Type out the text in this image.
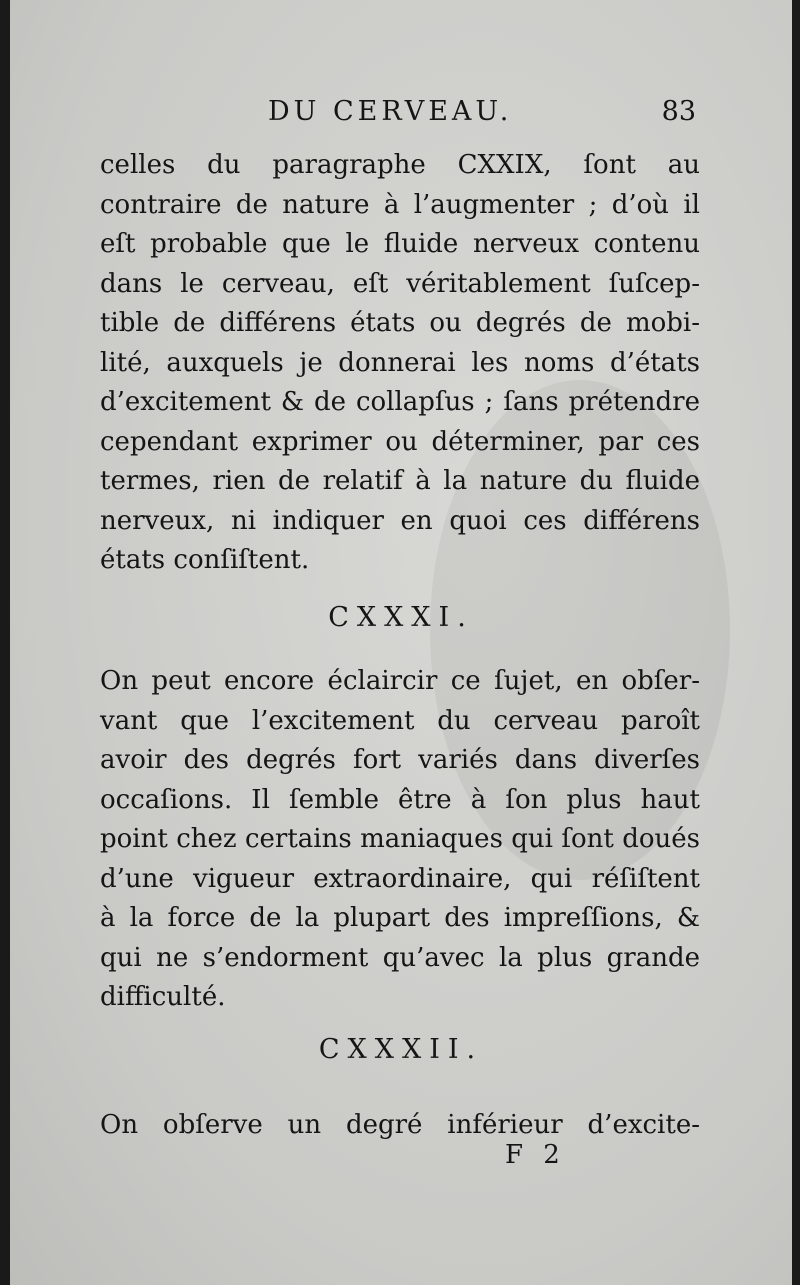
DU CERVEAU.	83
celles du paragraphe CXXIX, ſont au
contraire de nature à l’augmenter ; d’où il
eſt probable que le fluide nerveux contenu
dans le cerveau, eſt véritablement ſuſcep-
tible de différens états ou degrés de mobi-
lité, auxquels je donnerai les noms d’états
d’excitement & de collapſus ; ſans prétendre
cependant exprimer ou déterminer, par ces
termes, rien de relatif à la nature du fluide
nerveux, ni indiquer en quoi ces différens
états conſiſtent.
CXXXI.
On peut encore éclaircir ce ſujet, en obſer-
vant que l’excitement du cerveau paroît
avoir des degrés fort variés dans diverſes
occaſions. Il ſemble être à ſon plus haut
point chez certains maniaques qui ſont doués
d’une vigueur extraordinaire, qui réſiſtent
à la force de la plupart des impreſſions, &
qui ne s’endorment qu’avec la plus grande
difficulté.
CXXXII.
On obſerve un degré inférieur d’excite-
F 2
